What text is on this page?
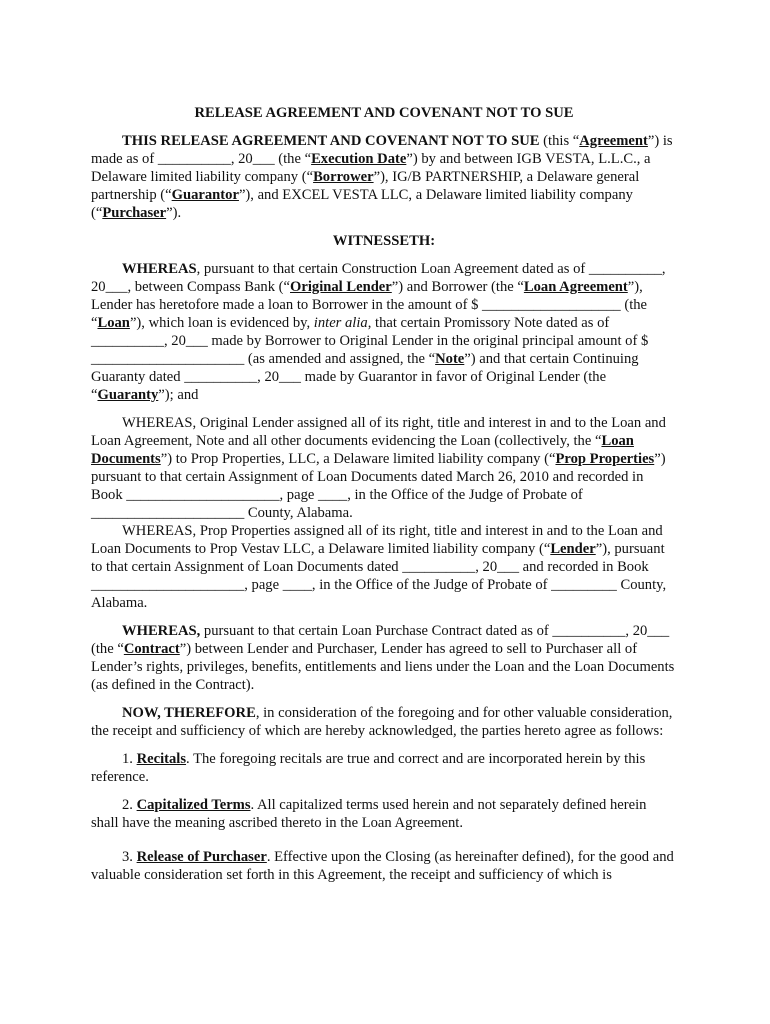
RELEASE AGREEMENT AND COVENANT NOT TO SUE

THIS RELEASE AGREEMENT AND COVENANT NOT TO SUE (this “Agreement”) is made as of __________, 20___ (the “Execution Date”) by and between IGB VESTA, L.L.C., a Delaware limited liability company (“Borrower”), IG/B PARTNERSHIP, a Delaware general partnership (“Guarantor”), and EXCEL VESTA LLC, a Delaware limited liability company (“Purchaser”).

WITNESSETH:

WHEREAS, pursuant to that certain Construction Loan Agreement dated as of __________, 20___, between Compass Bank (“Original Lender”) and Borrower (the “Loan Agreement”), Lender has heretofore made a loan to Borrower in the amount of $ ___________________ (the “Loan”), which loan is evidenced by, inter alia, that certain Promissory Note dated as of __________, 20___ made by Borrower to Original Lender in the original principal amount of $ _____________________ (as amended and assigned, the “Note”) and that certain Continuing Guaranty dated __________, 20___ made by Guarantor in favor of Original Lender (the “Guaranty”); and

WHEREAS, Original Lender assigned all of its right, title and interest in and to the Loan and Loan Agreement, Note and all other documents evidencing the Loan (collectively, the “Loan Documents”) to Prop Properties, LLC, a Delaware limited liability company (“Prop Properties”) pursuant to that certain Assignment of Loan Documents dated March 26, 2010 and recorded in Book _____________________, page ____, in the Office of the Judge of Probate of _____________________ County, Alabama.

WHEREAS, Prop Properties assigned all of its right, title and interest in and to the Loan and Loan Documents to Prop Vestav LLC, a Delaware limited liability company (“Lender”), pursuant to that certain Assignment of Loan Documents dated __________, 20___ and recorded in Book _____________________, page ____, in the Office of the Judge of Probate of _________ County, Alabama.

WHEREAS, pursuant to that certain Loan Purchase Contract dated as of __________, 20___ (the “Contract”) between Lender and Purchaser, Lender has agreed to sell to Purchaser all of Lender’s rights, privileges, benefits, entitlements and liens under the Loan and the Loan Documents (as defined in the Contract).

NOW, THEREFORE, in consideration of the foregoing and for other valuable consideration, the receipt and sufficiency of which are hereby acknowledged, the parties hereto agree as follows:

1. Recitals. The foregoing recitals are true and correct and are incorporated herein by this reference.

2. Capitalized Terms. All capitalized terms used herein and not separately defined herein shall have the meaning ascribed thereto in the Loan Agreement.

3. Release of Purchaser. Effective upon the Closing (as hereinafter defined), for the good and valuable consideration set forth in this Agreement, the receipt and sufficiency of which is
